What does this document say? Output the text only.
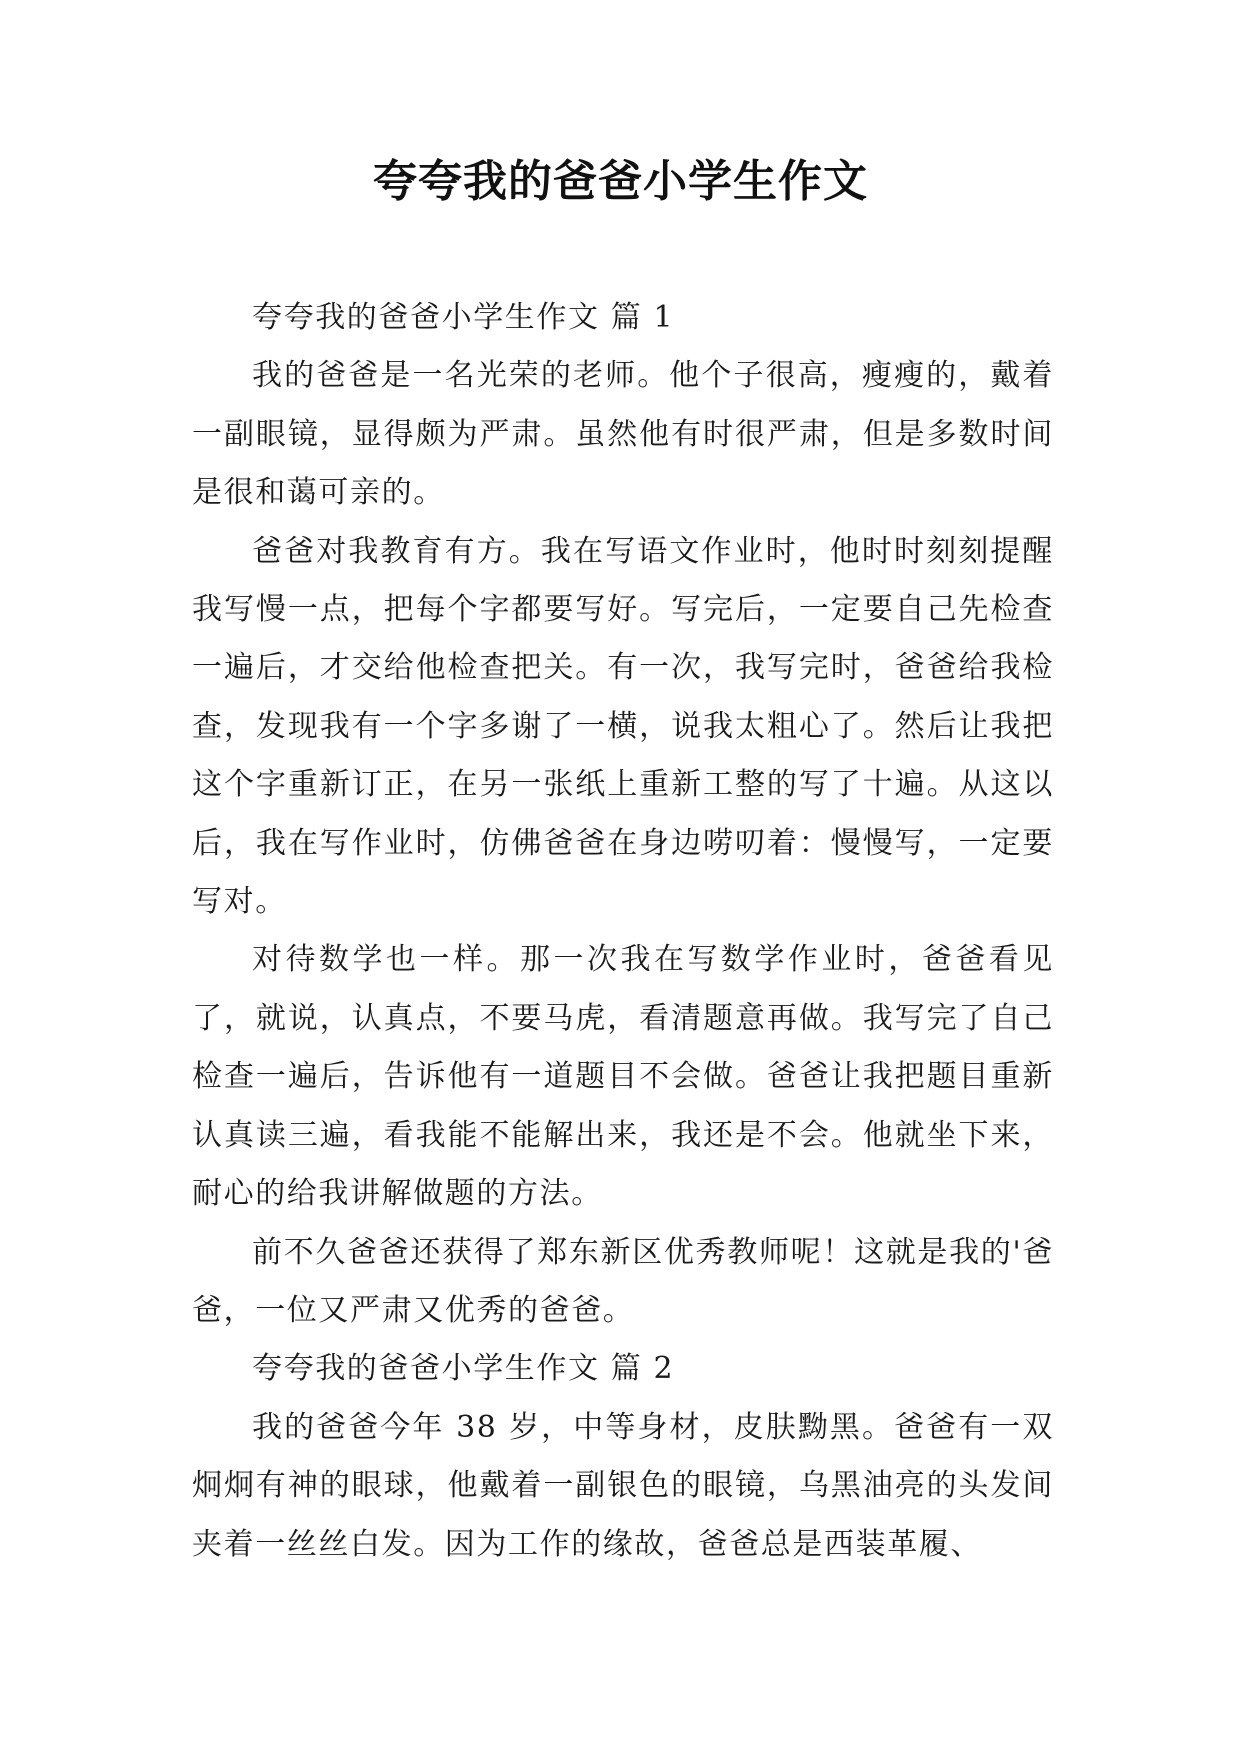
夸夸我的爸爸小学生作文

夸夸我的爸爸小学生作文 篇 1

我的爸爸是一名光荣的老师。他个子很高，瘦瘦的，戴着一副眼镜，显得颇为严肃。虽然他有时很严肃，但是多数时间是很和蔼可亲的。

爸爸对我教育有方。我在写语文作业时，他时时刻刻提醒我写慢一点，把每个字都要写好。写完后，一定要自己先检查一遍后，才交给他检查把关。有一次，我写完时，爸爸给我检查，发现我有一个字多谢了一横，说我太粗心了。然后让我把这个字重新订正，在另一张纸上重新工整的写了十遍。从这以后，我在写作业时，仿佛爸爸在身边唠叨着：慢慢写，一定要写对。

对待数学也一样。那一次我在写数学作业时，爸爸看见了，就说，认真点，不要马虎，看清题意再做。我写完了自己检查一遍后，告诉他有一道题目不会做。爸爸让我把题目重新认真读三遍，看我能不能解出来，我还是不会。他就坐下来，耐心的给我讲解做题的方法。

前不久爸爸还获得了郑东新区优秀教师呢！这就是我的'爸爸，一位又严肃又优秀的爸爸。

夸夸我的爸爸小学生作文 篇 2

我的爸爸今年 38 岁，中等身材，皮肤黝黑。爸爸有一双炯炯有神的眼球，他戴着一副银色的眼镜，乌黑油亮的头发间夹着一丝丝白发。因为工作的缘故，爸爸总是西装革履、
